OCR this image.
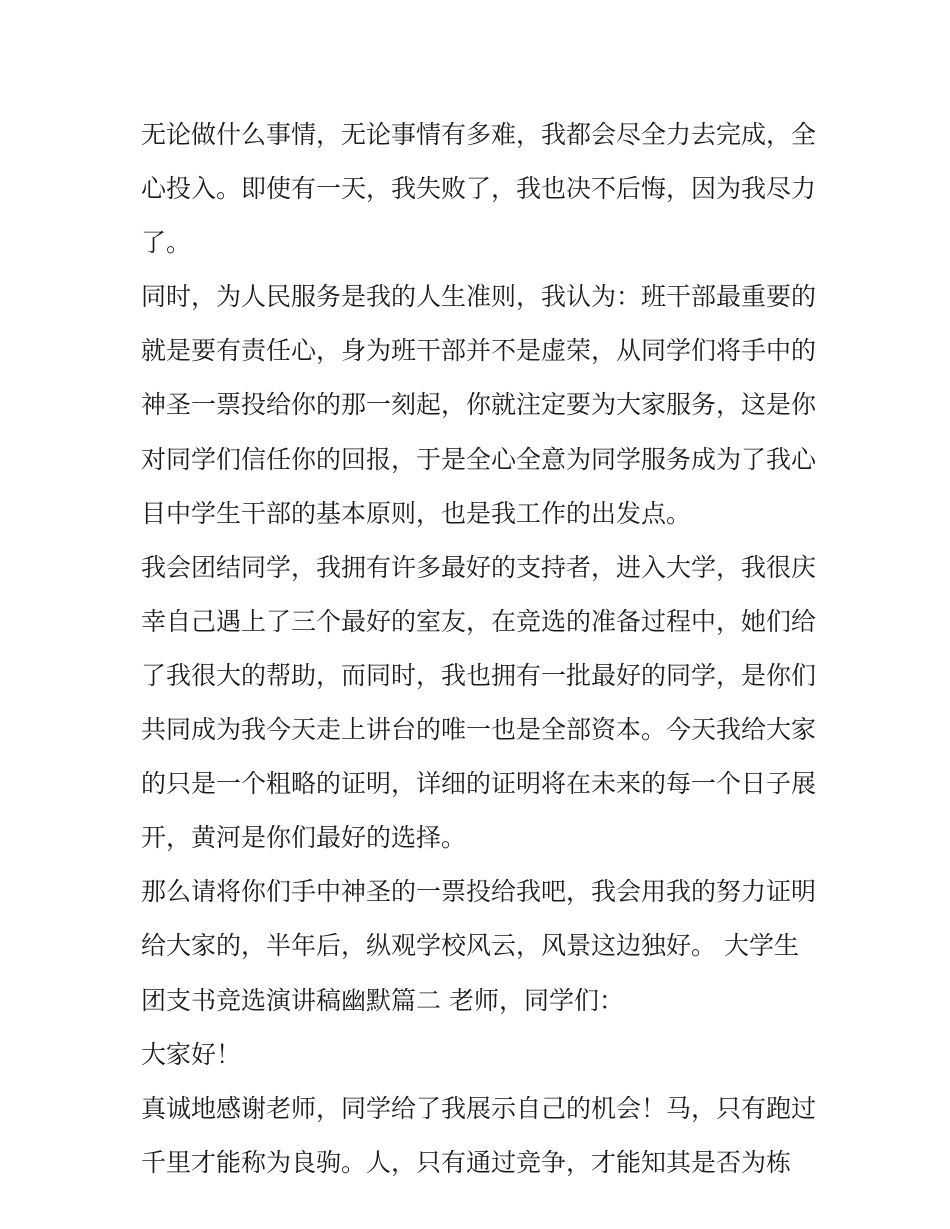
无论做什么事情，无论事情有多难，我都会尽全力去完成，全
心投入。即使有一天，我失败了，我也决不后悔，因为我尽力
了。
同时，为人民服务是我的人生准则，我认为：班干部最重要的
就是要有责任心，身为班干部并不是虚荣，从同学们将手中的
神圣一票投给你的那一刻起，你就注定要为大家服务，这是你
对同学们信任你的回报，于是全心全意为同学服务成为了我心
目中学生干部的基本原则，也是我工作的出发点。
我会团结同学，我拥有许多最好的支持者，进入大学，我很庆
幸自己遇上了三个最好的室友，在竞选的准备过程中，她们给
了我很大的帮助，而同时，我也拥有一批最好的同学，是你们
共同成为我今天走上讲台的唯一也是全部资本。今天我给大家
的只是一个粗略的证明，详细的证明将在未来的每一个日子展
开，黄河是你们最好的选择。
那么请将你们手中神圣的一票投给我吧，我会用我的努力证明
给大家的，半年后，纵观学校风云，风景这边独好。 大学生
团支书竞选演讲稿幽默篇二 老师，同学们：
大家好！
真诚地感谢老师，同学给了我展示自己的机会！马，只有跑过
千里才能称为良驹。人，只有通过竞争，才能知其是否为栋
